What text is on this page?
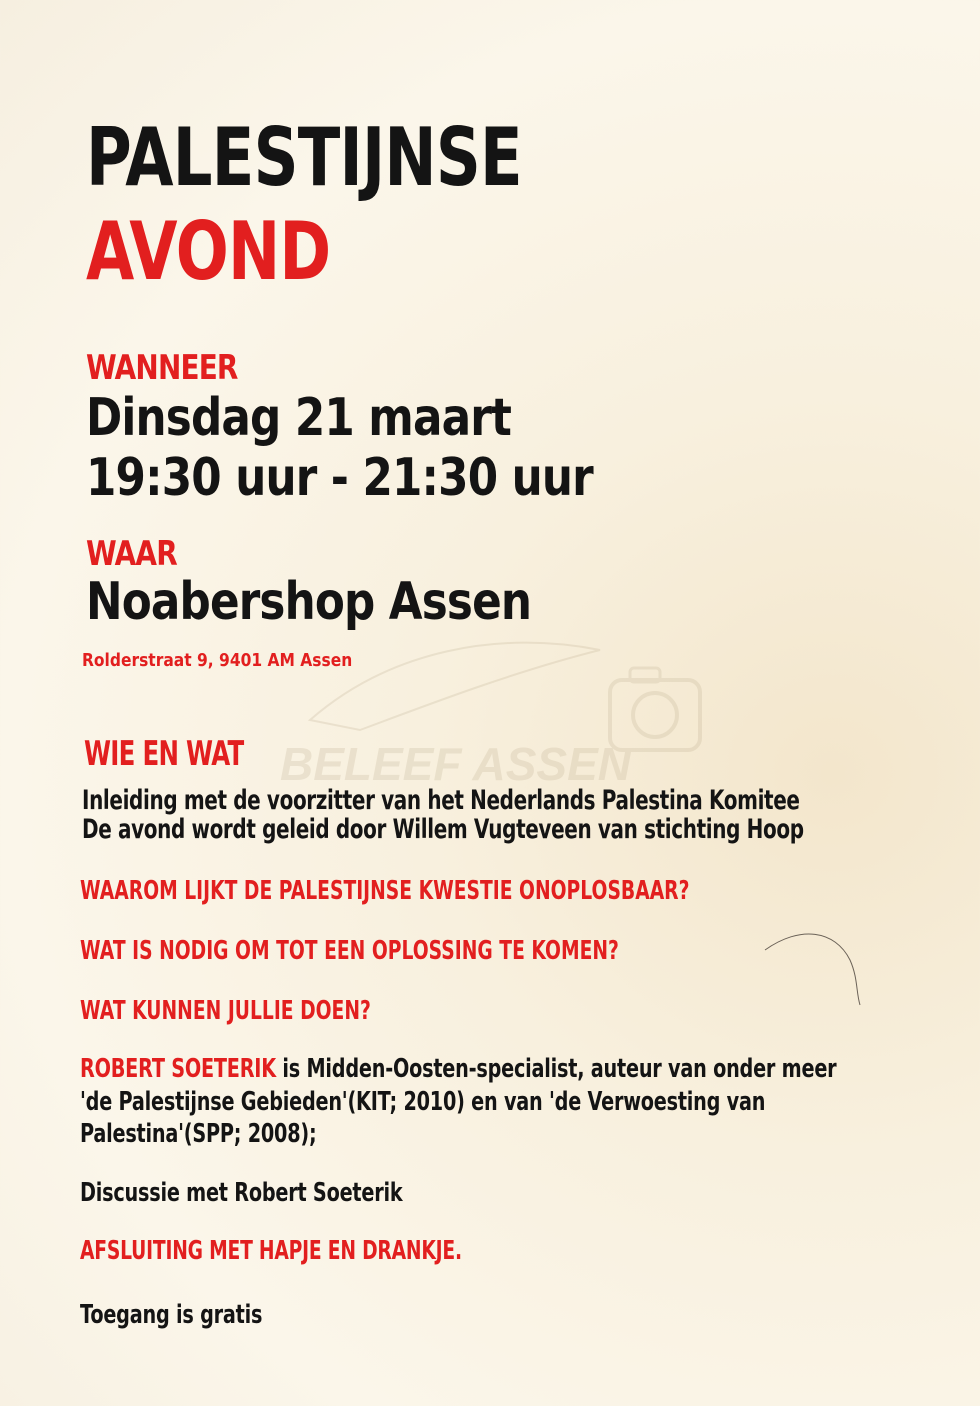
BELEEF ASSEN
PALESTIJNSE
AVOND
WANNEER
Dinsdag 21 maart
19:30 uur - 21:30 uur
WAAR
Noabershop Assen
Rolderstraat 9, 9401 AM Assen
WIE EN WAT
Inleiding met de voorzitter van het Nederlands Palestina Komitee
De avond wordt geleid door Willem Vugteveen van stichting Hoop
WAAROM LIJKT DE PALESTIJNSE KWESTIE ONOPLOSBAAR?
WAT IS NODIG OM TOT EEN OPLOSSING TE KOMEN?
WAT KUNNEN JULLIE DOEN?
ROBERT SOETERIK is Midden-Oosten-specialist, auteur van onder meer
'de Palestijnse Gebieden'(KIT; 2010) en van 'de Verwoesting van
Palestina'(SPP; 2008);
Discussie met Robert Soeterik
AFSLUITING MET HAPJE EN DRANKJE.
Toegang is gratis
